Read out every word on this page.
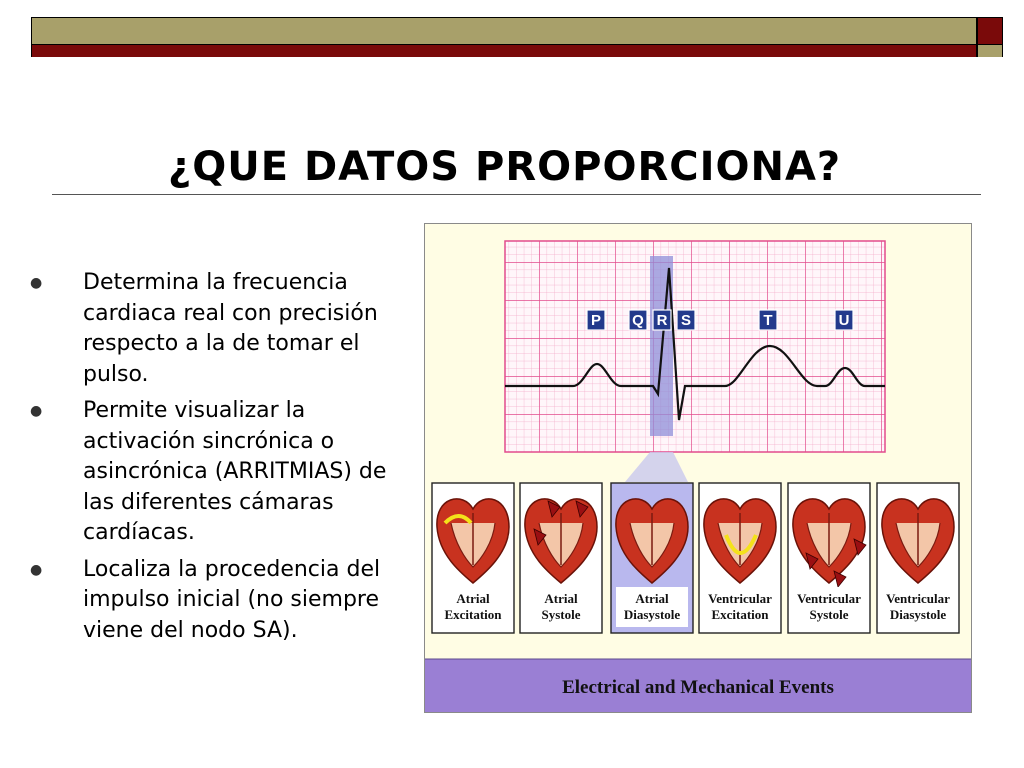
¿QUE DATOS PROPORCIONA?
● Determina la frecuencia cardiaca real con precisión respecto a la de tomar el pulso.
● Permite visualizar la activación sincrónica o asincrónica (ARRITMIAS) de las diferentes cámaras cardíacas.
● Localiza la procedencia del impulso inicial (no siempre viene del nodo SA).
P Q R S	T	U
Atrial
Excitation
Atrial
Systole
Atrial
Diasystole
Ventricular
Excitation
Ventricular
Systole
Ventricular
Diasystole
Electrical and Mechanical Events
